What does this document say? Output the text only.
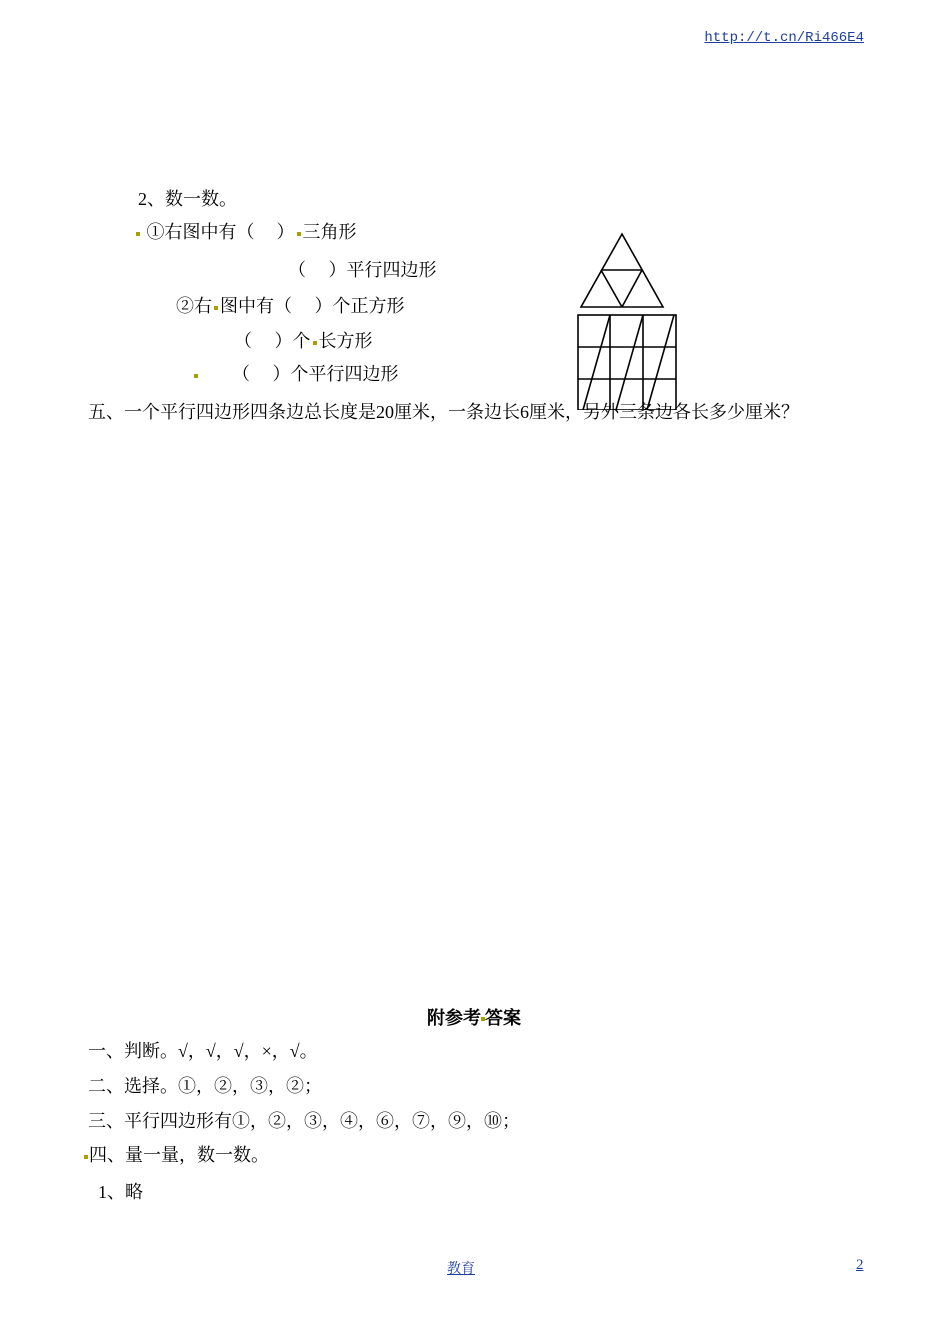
http://t.cn/Ri466E4
2、数一数。
①右图中有（ ） 三角形
（　 ）平行四边形
②右 图中有（　 ）个正方形
（　 ）个 长方形
（　 ）个平行四边形
五、一个平行四边形四条边总长度是20厘米，一条边长6厘米，另外三条边各长多少厘米？
附参考 答案
一、判断。√，√，√，×，√。
二、选择。①，②，③，②；
三、平行四边形有①，②，③，④，⑥，⑦，⑨，⑩；
四、量一量，数一数。
1、略
教育	2
